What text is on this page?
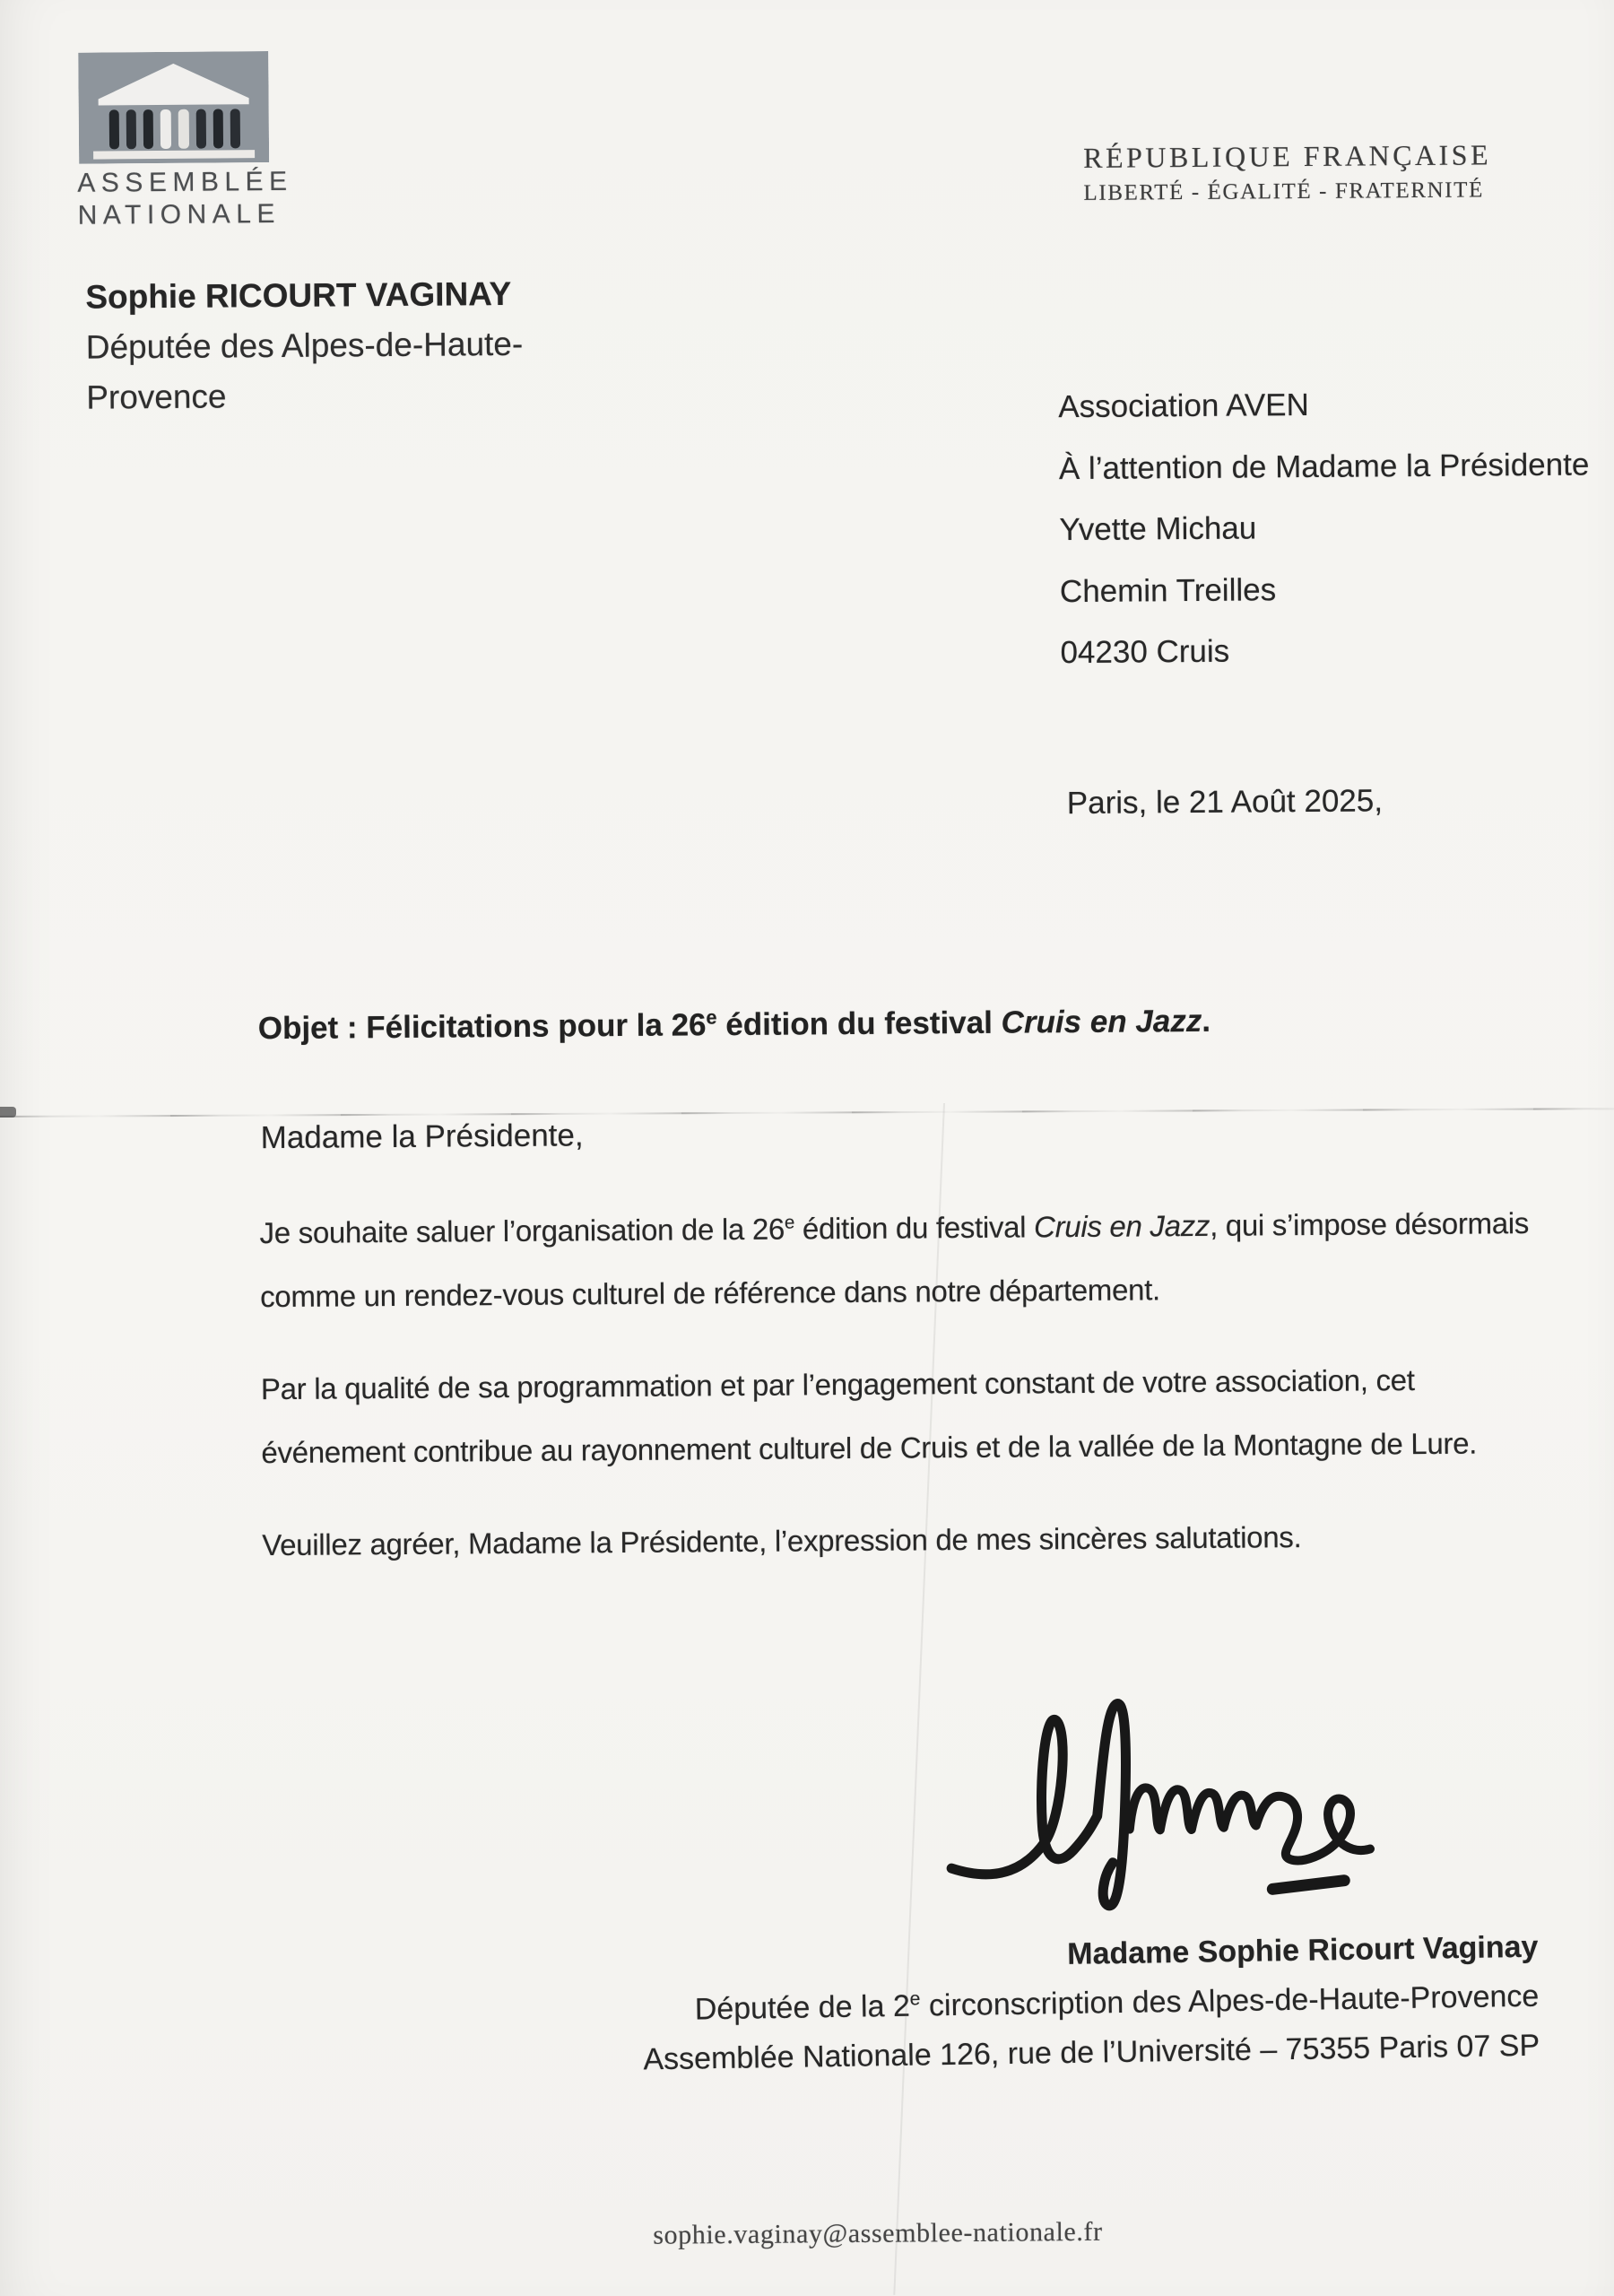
ASSEMBLÉE
NATIONALE
Sophie RICOURT VAGINAY
Députée des Alpes-de-Haute-
Provence
RÉPUBLIQUE FRANÇAISE
LIBERTÉ - ÉGALITÉ - FRATERNITÉ
Association AVEN
À l’attention de Madame la Présidente
Yvette Michau
Chemin Treilles
04230 Cruis
Paris, le 21 Août 2025,
Objet : Félicitations pour la 26e édition du festival Cruis en Jazz.
Madame la Présidente,

Je souhaite saluer l’organisation de la 26e édition du festival Cruis en Jazz, qui s’impose désormais comme un rendez-vous culturel de référence dans notre département.

Par la qualité de sa programmation et par l’engagement constant de votre association, cet événement contribue au rayonnement culturel de Cruis et de la vallée de la Montagne de Lure.

Veuillez agréer, Madame la Présidente, l’expression de mes sincères salutations.

Madame Sophie Ricourt Vaginay
Députée de la 2e circonscription des Alpes-de-Haute-Provence
Assemblée Nationale 126, rue de l’Université – 75355 Paris 07 SP
sophie.vaginay@assemblee-nationale.fr
